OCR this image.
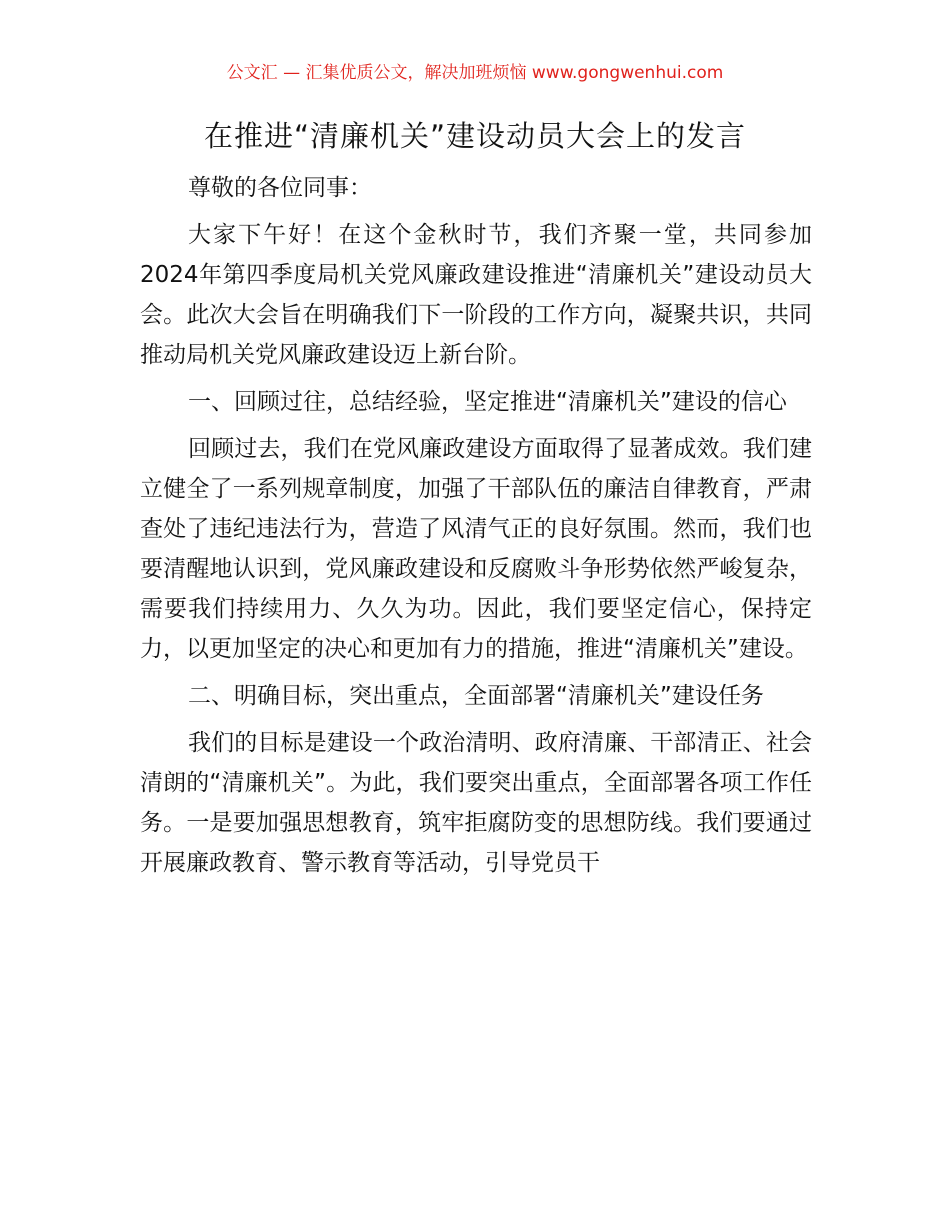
公文汇 — 汇集优质公文，解决加班烦恼 www.gongwenhui.com
在推进“清廉机关”建设动员大会上的发言

尊敬的各位同事：

大家下午好！在这个金秋时节，我们齐聚一堂，共同参加2024年第四季度局机关党风廉政建设推进“清廉机关”建设动员大会。此次大会旨在明确我们下一阶段的工作方向，凝聚共识，共同推动局机关党风廉政建设迈上新台阶。

一、回顾过往，总结经验，坚定推进“清廉机关”建设的信心

回顾过去，我们在党风廉政建设方面取得了显著成效。我们建立健全了一系列规章制度，加强了干部队伍的廉洁自律教育，严肃查处了违纪违法行为，营造了风清气正的良好氛围。然而，我们也要清醒地认识到，党风廉政建设和反腐败斗争形势依然严峻复杂，需要我们持续用力、久久为功。因此，我们要坚定信心，保持定力，以更加坚定的决心和更加有力的措施，推进“清廉机关”建设。

二、明确目标，突出重点，全面部署“清廉机关”建设任务

我们的目标是建设一个政治清明、政府清廉、干部清正、社会清朗的“清廉机关”。为此，我们要突出重点，全面部署各项工作任务。一是要加强思想教育，筑牢拒腐防变的思想防线。我们要通过开展廉政教育、警示教育等活动，引导党员干
